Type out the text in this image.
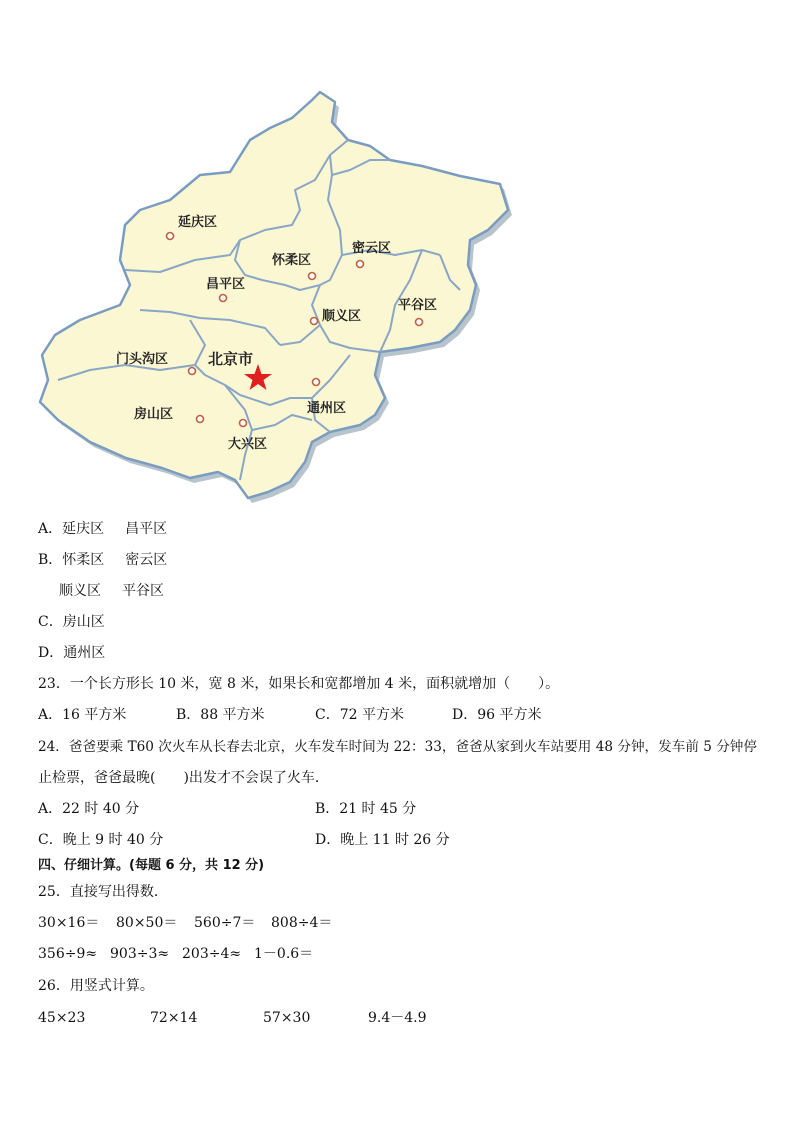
延庆区
怀柔区
密云区
昌平区
顺义区
平谷区
门头沟区	北京市
房山区	通州区
大兴区
A．延庆区 昌平区
B．怀柔区 密云区
顺义区 平谷区
C．房山区
D．通州区
23．一个长方形长 10 米，宽 8 米，如果长和宽都增加 4 米，面积就增加（　　）。
A．16 平方米	B．88 平方米	C．72 平方米	D．96 平方米
24．爸爸要乘 T60 次火车从长春去北京，火车发车时间为 22：33，爸爸从家到火车站要用 48 分钟，发车前 5 分钟停
止检票，爸爸最晚(　　)出发才不会误了火车．
A．22 时 40 分	B．21 时 45 分
C．晚上 9 时 40 分	D．晚上 11 时 26 分
四、仔细计算。(每题 6 分，共 12 分)
25．直接写出得数．
30×16＝ 80×50＝ 560÷7＝ 808÷4＝
356÷9≈ 903÷3≈ 203÷4≈ 1－0.6＝
26．用竖式计算。
45×23	72×14	57×30	9.4－4.9
